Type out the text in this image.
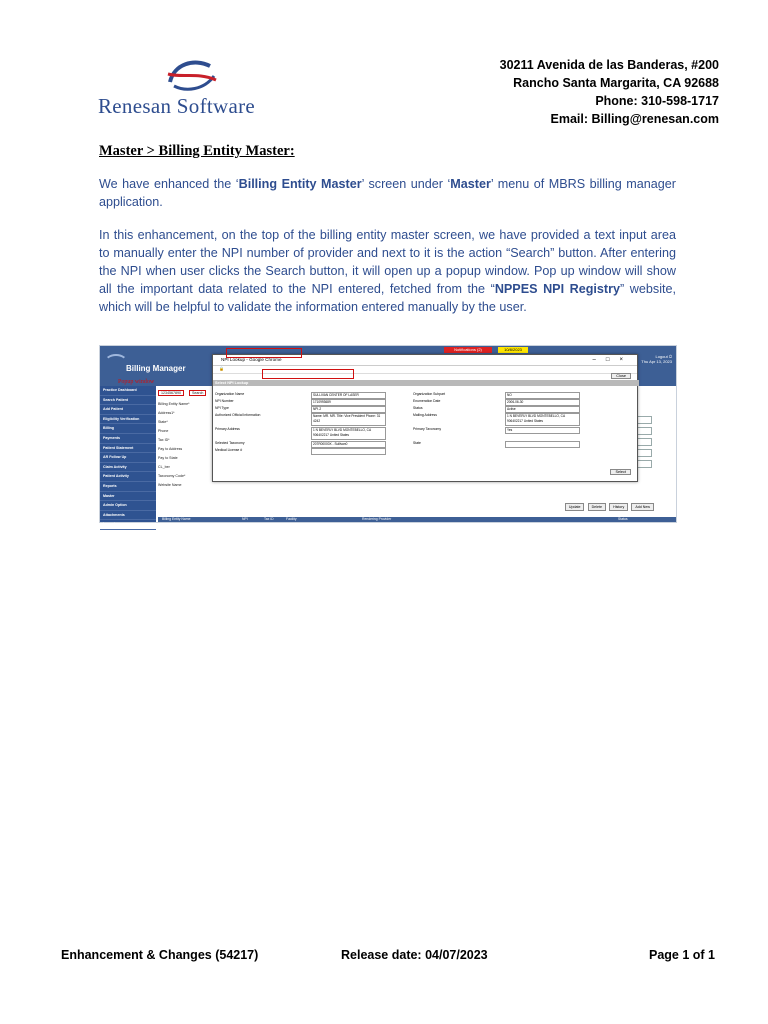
Renesan Software
30211 Avenida de las Banderas, #200
Rancho Santa Margarita, CA 92688
Phone: 310-598-1717
Email: Billing@renesan.com
Master > Billing Entity Master:
We have enhanced the ‘Billing Entity Master’ screen under ‘Master’ menu of MBRS billing manager application.
In this enhancement, on the top of the billing entity master screen, we have provided a text input area to manually enter the NPI number of provider and next to it is the action “Search” button. After entering the NPI when user clicks the Search button, it will open up a popup window. Pop up window will show all the important data related to the NPI entered, fetched from the “NPPES NPI Registry” website, which will be helpful to validate the information entered manually by the user.
Billing Manager
Notifications (2)	10/8/2023
Logout ⏻
Thu Apr 13, 2023
Practice Dashboard
Search Patient
Add Patient
Eligibility Verification
Billing
Payments
Patient Statement
AR Follow Up
Claim Activity
Patient Activity
Reports
Master
Admin Option
Attachments
Logout
1234567890	Search
Billing Entity Name*
Address1*
State*
Phone
Tax ID*
Pay to Address
Pay to State
CL_ber
Taxonomy Code*
Website Name
Update	Delete	History	Add New
Billing Entity Name	NPI	Tax ID	Facility	Rendering Provider	Status
NPI Lookup - Google Chrome	–□×
🔒
Close
Select NPI Lookup
Organization Name	SULLIVAN CENTER OF LASER	Organization Subpart	NO
NPI Number	1710993689	Enumeration Date	2006-06-30
NPI Type	NPI-2	Status	Active
Authorized Official Information	Name: MR. MR. Title: Vice President Phone: 31 4242
Mailing Address	1 N BEVERLY BLVD MONTEBELLO, CA 906402217 United States
Primary Address	1 N BEVERLY BLVD MONTEBELLO, CA 906402217 United States
Primary Taxonomy	Yes
Selected Taxonomy	207R00000X - Sullivan0	State
Medical License #
Select
Popup window
Enhancement & Changes (54217)	Release date: 04/07/2023	Page 1 of 1
